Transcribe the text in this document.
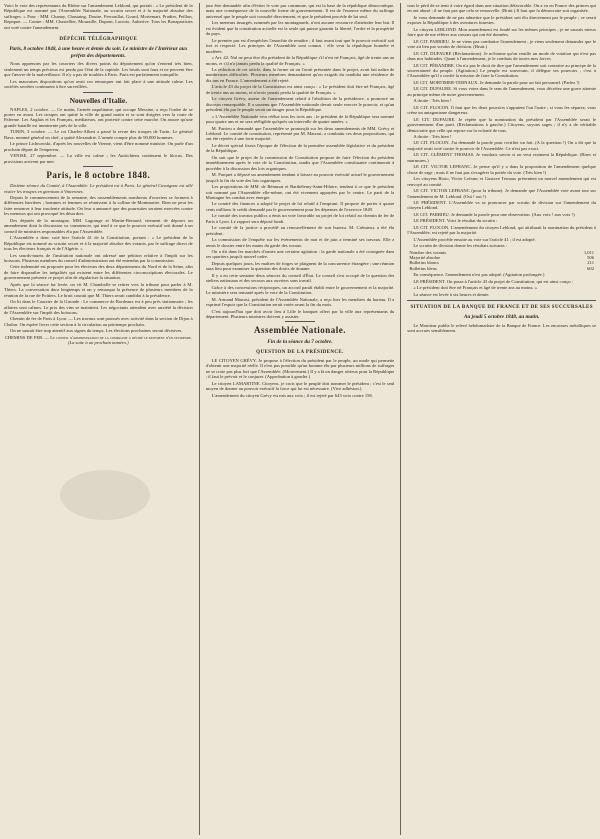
Voici le vote des représentants du Rhône sur l'amendement Leblond, qui portait : « Le président de la République est nommé par l'Assemblée Nationale, au scrutin secret et à la majorité absolue des suffrages. » Pour : MM. Chanay, Chastaing, Doutre, Ferrouillat, Gourd, Mortemart, Pradier, Peillon, Repiquet. — Contre : MM. Chastellier, Mouraille, Dupont, Lacroix, Auberive. Tous les Bonapartistes ont voté contre l'amendement.

DÉPÊCHE TÉLÉGRAPHIQUE
Paris, 8 octobre 1848, à une heure et demie du soir. Le ministre de l'Intérieur aux préfets des départements.

Nous apprenons par les courriers des divers points du département qu'on s'entend très bien, seulement un temps précieux est perdu par l'état de la capitale. Les bruits sont faux et ne peuvent être que l'œuvre de la malveillance. Il n'y a pas de troubles à Paris. Paris est parfaitement tranquille.

Les mauvaises dispositions qu'on avait cru remarquer ont fait place à une attitude calme. Les sociétés secrètes continuent à être surveillées.

Nouvelles d'Italie.

NAPLES, 2 octobre. — Ce matin, l'armée napolitaine, qui occupe Messine, a reçu l'ordre de se porter en avant. Les troupes ont quitté la ville de grand matin et se sont dirigées vers la route de Palerme. Les Anglais et les Français, médiateurs, ont protesté contre cette marche. On assure qu'une grande bataille est imminente près de la ville.

TURIN, 3 octobre. — Le roi Charles-Albert a passé la revue des troupes de Turin. Le général Bava, nommé général en chef, a quitté Alexandrie. L'armée compte plus de 90,000 hommes.

Le prince Lichnowski, d'après les nouvelles de Vienne, vient d'être nommé ministre. On parle d'un prochain départ de l'empereur.

VENISE, 27 septembre. — La ville est calme ; les Autrichiens continuent le blocus. Des provisions arrivent par mer.

Paris, le 8 octobre 1848.

Dixième séance du Comité, à l'Assemblée. Le président est à Paris. Le général Cavaignac est allé visiter les troupes en garnison à Vincennes.

Depuis le commencement de la semaine, des rassemblements nombreux d'ouvriers se forment à différentes barrières ; hommes et femmes se réunissent à la colline de Montmartre. Rien ne peut les faire renoncer à leur insolente attitude. On leur a annoncé que des poursuites seraient exercées contre les meneurs qui ont provoqué les désordres.

Des députés de la montagne, MM. Lagrange et Martin-Bernard, viennent de déposer un amendement dont la discussion va commencer, qui tend à ce que le pouvoir exécutif soit donné à un conseil de ministres responsables élu par l'Assemblée.

L'Assemblée a donc voté hier l'article 41 de la Constitution, portant : « Le président de la République est nommé au scrutin secret et à la majorité absolue des votants, par le suffrage direct de tous les électeurs français et de l'Algérie. »

Les sourds-muets de l'institution nationale ont adressé une pétition relative à l'impôt sur les boissons. Plusieurs membres du conseil d'administration ont été entendus par la commission.

Cette indemnité est proposée pour les électeurs des deux départements du Nord et de la Seine, afin de faire disparaître les inégalités qui existent entre les différentes circonscriptions électorales. Le gouvernement présente ce projet afin de régulariser la situation.

Après que la séance fut levée, on vit M. Chambolle se retirer vers la tribune pour parler à M. Thiers. La conversation dura longtemps et on y remarqua la présence de plusieurs membres de la réunion de la rue de Poitiers. Le bruit courait que M. Thiers serait candidat à la présidence.

On lit dans le Courrier de la Gironde : Le commerce de Bordeaux est à peu près stationnaire ; les affaires sont calmes. Le prix des vins se maintient. Les négociants attendent avec anxiété la décision de l'Assemblée sur l'impôt des boissons.

Chemin de fer de Paris à Lyon. — Les travaux sont poussés avec activité dans la section de Dijon à Chalon. On espère livrer cette section à la circulation au printemps prochain.

On ne saurait être trop attentif aux signes du temps. Les élections prochaines seront décisives.

CHEMINS DE FER. — Le conseil d'administration de la compagnie a décidé le payement d'un dividende.
(La suite à un prochain numéro.)

jour être demandée afin d'éviter le vote par commune, qui est la base de la république démocratique, mais une conséquence de la nouvelle forme de gouvernement. Il est de l'essence même du suffrage universel que le peuple soit consulté directement, et que le président procède de lui seul.

Les meneurs insurgés, nommés par les montagnards, n'ont aucune ressource d'atteindre leur but. Il est évident que la constitution actuelle est la seule qui puisse garantir la liberté, l'ordre et la prospérité du pays.

Le premier pas est d'empêcher l'anarchie de renaître ; il faut avant tout que le pouvoir exécutif soit fort et respecté. Les principes de l'Assemblée sont connus : elle veut la république honnête et modérée.

« Art. 42. Nul ne peut être élu président de la République s'il n'est né Français, âgé de trente ans au moins, et s'il n'a jamais perdu la qualité de Français. »

La rédaction de cet article, dans la forme où on l'avait présentée dans le projet, avait fait naître de nombreuses difficultés. Plusieurs membres demandaient qu'on exigeât du candidat une résidence de dix ans en France. L'amendement a été rejeté.

L'article 43 du projet de la Constitution est ainsi conçu : « Le président doit être né Français, âgé de trente ans au moins, et n'avoir jamais perdu la qualité de Français. »

Le citoyen Grévy, auteur de l'amendement relatif à l'abolition de la présidence, a prononcé un discours remarquable. Il a soutenu que l'Assemblée nationale devait seule exercer le pouvoir, et qu'un président élu par le peuple serait un danger pour la République.

« L'Assemblée Nationale sera réélue tous les trois ans ; le président de la République sera nommé pour quatre ans et ne sera rééligible qu'après un intervalle de quatre années. »

M. Parrieu a demandé que l'assemblée se prononçât sur les deux amendements de MM. Grévy et Leblond. Le comité de constitution, représenté par M. Marrast, a combattu ces deux propositions, qui ont été rejetées à une forte majorité.

Le décret spécial fixera l'époque de l'élection de la première assemblée législative et du président de la République.

On sait que le projet de la commission de Constitution propose de faire l'élection du président immédiatement après le vote de la Constitution, tandis que l'Assemblée constituante continuerait à procéder à la discussion des lois organiques.

M. Parquet a déposé un amendement tendant à laisser au pouvoir exécutif actuel le gouvernement jusqu'à la fin du vote des lois organiques.

Les propositions de MM. de Rémusat et Barthélemy-Saint-Hilaire, tendant à ce que le président soit nommé par l'Assemblée elle-même, ont été vivement appuyées par le centre. Le parti de la Montagne les combat avec énergie.

Le comité des finances a adopté le projet de loi relatif à l'emprunt. Il propose de porter à quatre cents millions le crédit demandé par le gouvernement pour les dépenses de l'exercice 1849.

Le comité des travaux publics a émis un vote favorable au projet de loi relatif au chemin de fer de Paris à Lyon. Le rapport sera déposé lundi.

Le comité de la justice a procédé au renouvellement de son bureau. M. Crémieux a été élu président.

La commission de l'enquête sur les événements de mai et de juin a terminé ses travaux. Elle a remis le dossier entre les mains du garde des sceaux.

On a dit dans les marchés d'armes une certaine agitation : la garde nationale a été consignée dans ses quartiers jusqu'à nouvel ordre.

Depuis quelques jours, les maîtres de forges se plaignent de la concurrence étrangère ; une réunion aura lieu pour examiner la question des droits de douane.

Il y a eu cette semaine deux séances du conseil d'État. Le conseil s'est occupé de la question des ateliers nationaux et des secours aux ouvriers sans travail.

Grâce à des concessions réciproques, un accord paraît établi entre le gouvernement et la majorité. Le ministère sera remanié après le vote de la Constitution.

M. Armand Marrast, président de l'Assemblée Nationale, a reçu hier les membres du bureau. Il a exprimé l'espoir que la Constitution serait votée avant la fin du mois.

C'est aujourd'hui que doit avoir lieu à Lille le banquet offert par la ville aux représentants du département. Plusieurs ministres doivent y assister.

Assemblée Nationale.
Fin de la séance du 7 octobre.
QUESTION DE LA PRÉSIDENCE.

LE CITOYEN GRÉVY. Je propose à l'élection du président par le peuple, un mode qui permette d'obtenir une majorité réelle. Il n'est pas possible qu'un homme élu par plusieurs millions de suffrages ne se croie pas plus fort que l'Assemblée. (Mouvement.) Il y a là un danger sérieux pour la République ; il faut le prévoir et le conjurer. (Approbation à gauche.)

Le citoyen LAMARTINE. Citoyens, je crois que le peuple doit nommer le président ; c'est le seul moyen de donner au pouvoir exécutif la force qui lui est nécessaire. (Vive adhésion.)

L'amendement du citoyen Grévy est mis aux voix ; il est rejeté par 643 voix contre 158.

tous le péril de se tenir à votre égard dans une situation défavorable. On a vu en France des princes qui en ont abusé ; il ne faut pas que cela se renouvelle. (Bruit.) Il faut que la démocratie soit organisée.

Je vous demande de ne pas admettre que le président soit élu directement par le peuple ; ce serait exposer la République à des aventures funestes.

Le citoyen LEBLOND. Mon amendement est fondé sur les mêmes principes ; je ne saurais mieux faire que de me référer aux raisons qui ont été données.

LE CIT. PARRIEU. Je ne viens pas combattre l'amendement ; je viens seulement demander que le vote ait lieu par scrutin de division. (Bruit.)

LE CIT. DUFAURE (Réclamations). Je m'étonne qu'on veuille un mode de votation qui n'est pas dans nos habitudes. Quant à l'amendement, je le combats de toutes mes forces.

LE CIT. PÉRANDRE. On n'a pas le droit de dire que l'amendement soit contraire au principe de la souveraineté du peuple. (Agitation.) Le peuple est souverain, il délègue ses pouvoirs ; c'est à l'Assemblée qu'il a confié la mission de faire la Constitution.

LE CIT. MORTIMER-TERNAUX. Je demande la parole pour un fait personnel. (Parlez !)

LE CIT. DUFAURE. Si vous votez dans le sens de l'amendement, vous décrétez une grave atteinte au principe même de notre gouvernement.

A droite : Très bien !

LE CIT. FLOCON. Il faut que les deux pouvoirs s'appuient l'un l'autre ; si vous les séparez, vous créez un antagonisme dangereux.

LE CIT. DUFAURE. Je répète que la nomination du président par l'Assemblée serait le gouvernement d'un parti. (Réclamations à gauche.) Citoyens, soyons sages ; il n'y a de véritable démocratie que celle qui repose sur la volonté de tous.

A droite : Très bien !

LE CIT. FLOCON. J'ai demandé la parole pour rectifier un fait. (A la question !) On a dit que la majorité avait voté contre le pouvoir de l'Assemblée. Ce n'est pas exact.

LE CIT. CLÉMENT THOMAS. Je voudrais savoir si on veut vraiment la République. (Rires et murmures.)

LE CIT. VICTOR LEFRANC. Je pense qu'il y a dans la proposition de l'amendement quelque chose de sage ; mais il ne faut pas s'exagérer la portée du vote. (Très bien !)

Les citoyens Bixio, Victor Lefranc et Gustave Ternaux présentent un nouvel amendement qui est renvoyé au comité.

LE CIT. VICTOR LEFRANC (pour la tribune). Je demande que l'Assemblée vote avant tout sur l'amendement de M. Leblond. (Oui ! oui !)

LE PRÉSIDENT. L'Assemblée va se prononcer par scrutin de division sur l'amendement du citoyen Leblond.

LE CIT. PARRIEU. Je demande la parole pour une observation. (Aux voix ! aux voix !)

LE PRÉSIDENT. Voici le résultat du scrutin :

LE CIT. FLOCON. L'amendement du citoyen Leblond, qui attribuait la nomination du président à l'Assemblée, est rejeté par la majorité.

L'Assemblée procède ensuite au vote sur l'article 41 ; il est adopté.

Le scrutin de division donne les résultats suivants :

Nombre des votants	1,011
Majorité absolue	506
Bulletins blancs	211
Bulletins bleus	602

En conséquence, l'amendement n'est pas adopté. (Agitation prolongée.)

LE PRÉSIDENT. On passe à l'article 43 du projet de Constitution, qui est ainsi conçu :

« Le président doit être né Français et âgé de trente ans au moins. »

La séance est levée à six heures et demie.

SITUATION DE LA BANQUE DE FRANCE ET DE SES SUCCURSALES
Au jeudi 5 octobre 1848, au matin.

Le Moniteur publie le relevé hebdomadaire de la Banque de France. Les encaisses métalliques se sont accrues sensiblement.
